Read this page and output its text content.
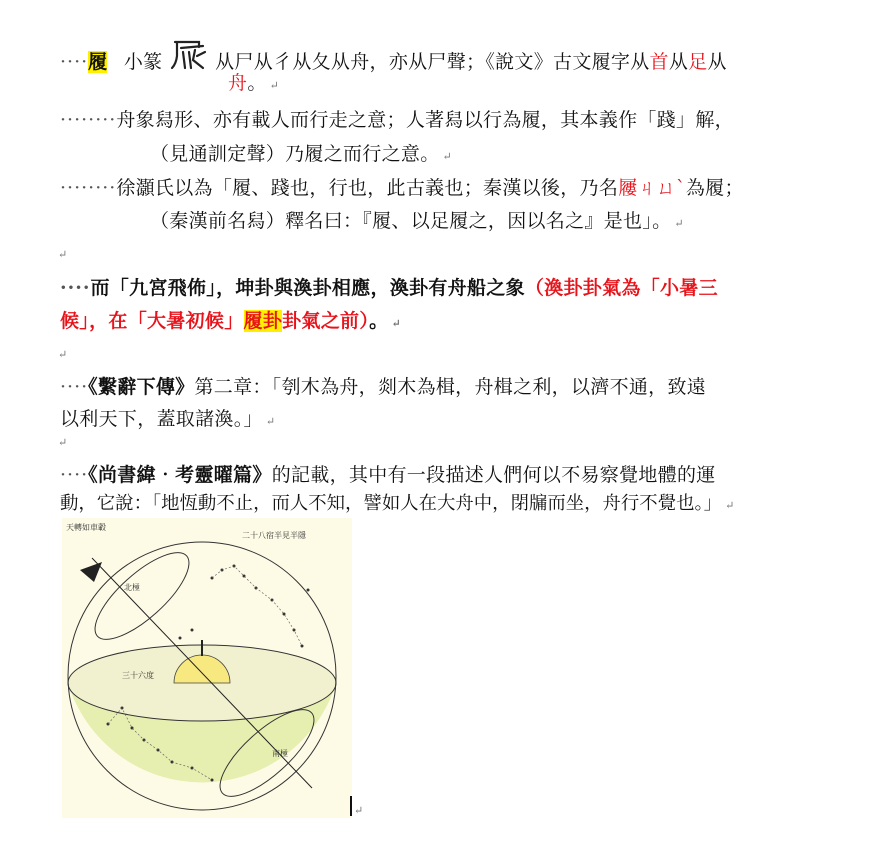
····履 小篆	从尸从彳从夂从舟，亦从尸聲；《說文》古文履字从首从足从
舟。 ↵
········舟象舄形、亦有載人而行走之意；人著舄以行為履，其本義作「踐」解，
（見通訓定聲）乃履之而行之意。 ↵
········徐灝氏以為「履、踐也，行也，此古義也；秦漢以後，乃名屨ㄐㄩˋ為履；
（秦漢前名舄）釋名曰：『履、以足履之，因以名之』是也」。 ↵
↵
····而「九宮飛佈」，坤卦與渙卦相應，渙卦有舟船之象（渙卦卦氣為「小暑三
候」，在「大暑初候」履卦卦氣之前）。 ↵
↵
····《繫辭下傳》第二章：「刳木為舟，剡木為楫，舟楫之利，以濟不通，致遠
以利天下，蓋取諸渙。」 ↵
↵
····《尚書緯‧考靈曜篇》的記載，其中有一段描述人們何以不易察覺地體的運
動，它說：「地恆動不止，而人不知，譬如人在大舟中，閉牖而坐，舟行不覺也。」 ↵
天轉如車轂
二十八宿半見半隱
北極
三十六度
南極
↵
